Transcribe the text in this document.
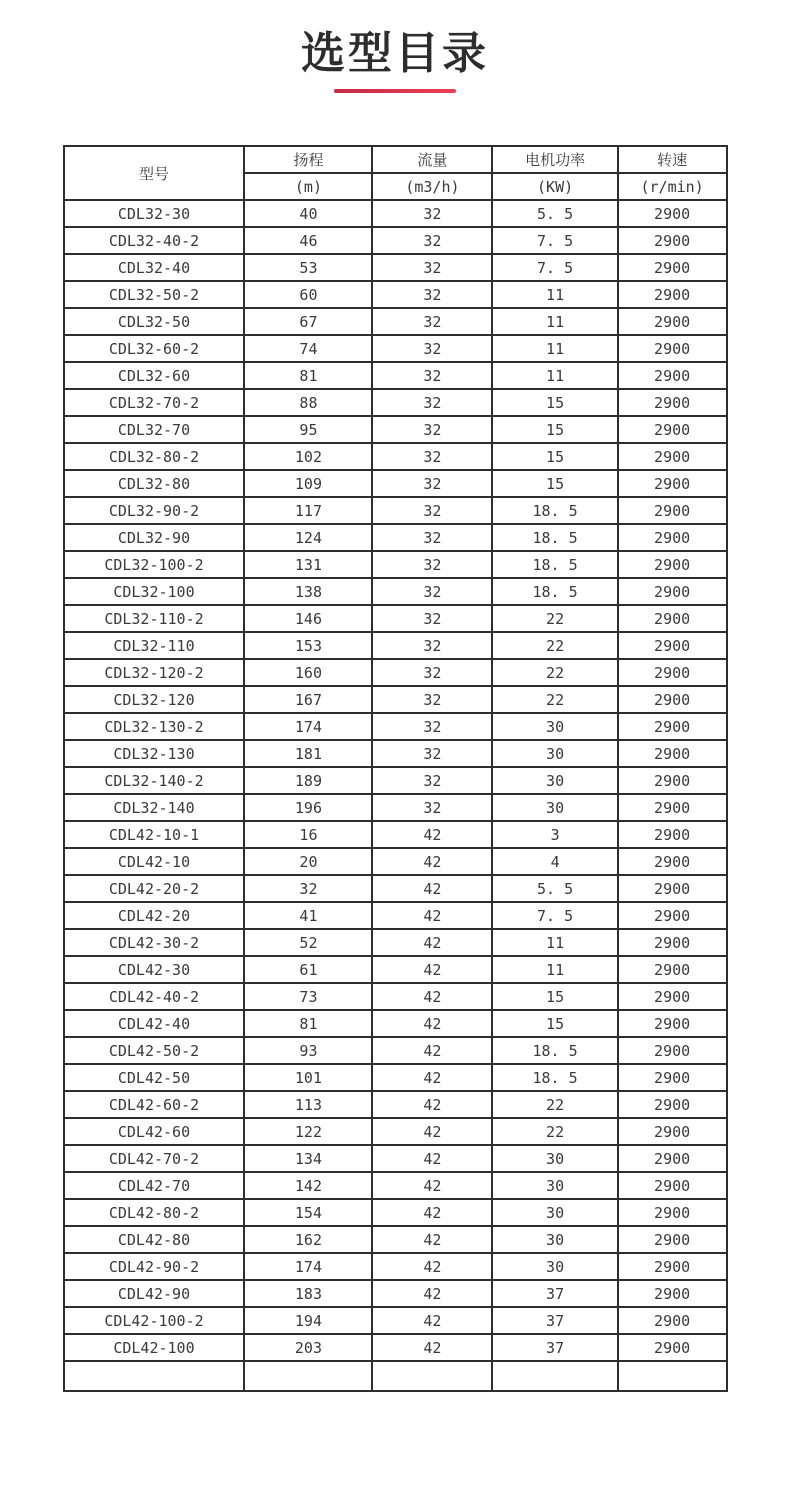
选型目录
型号	扬程	流量	电机功率	转速
	(m)	(m3/h)	(KW)	(r/min)
CDL32-30	40	32	5. 5	2900
CDL32-40-2	46	32	7. 5	2900
CDL32-40	53	32	7. 5	2900
CDL32-50-2	60	32	11	2900
CDL32-50	67	32	11	2900
CDL32-60-2	74	32	11	2900
CDL32-60	81	32	11	2900
CDL32-70-2	88	32	15	2900
CDL32-70	95	32	15	2900
CDL32-80-2	102	32	15	2900
CDL32-80	109	32	15	2900
CDL32-90-2	117	32	18. 5	2900
CDL32-90	124	32	18. 5	2900
CDL32-100-2	131	32	18. 5	2900
CDL32-100	138	32	18. 5	2900
CDL32-110-2	146	32	22	2900
CDL32-110	153	32	22	2900
CDL32-120-2	160	32	22	2900
CDL32-120	167	32	22	2900
CDL32-130-2	174	32	30	2900
CDL32-130	181	32	30	2900
CDL32-140-2	189	32	30	2900
CDL32-140	196	32	30	2900
CDL42-10-1	16	42	3	2900
CDL42-10	20	42	4	2900
CDL42-20-2	32	42	5. 5	2900
CDL42-20	41	42	7. 5	2900
CDL42-30-2	52	42	11	2900
CDL42-30	61	42	11	2900
CDL42-40-2	73	42	15	2900
CDL42-40	81	42	15	2900
CDL42-50-2	93	42	18. 5	2900
CDL42-50	101	42	18. 5	2900
CDL42-60-2	113	42	22	2900
CDL42-60	122	42	22	2900
CDL42-70-2	134	42	30	2900
CDL42-70	142	42	30	2900
CDL42-80-2	154	42	30	2900
CDL42-80	162	42	30	2900
CDL42-90-2	174	42	30	2900
CDL42-90	183	42	37	2900
CDL42-100-2	194	42	37	2900
CDL42-100	203	42	37	2900
